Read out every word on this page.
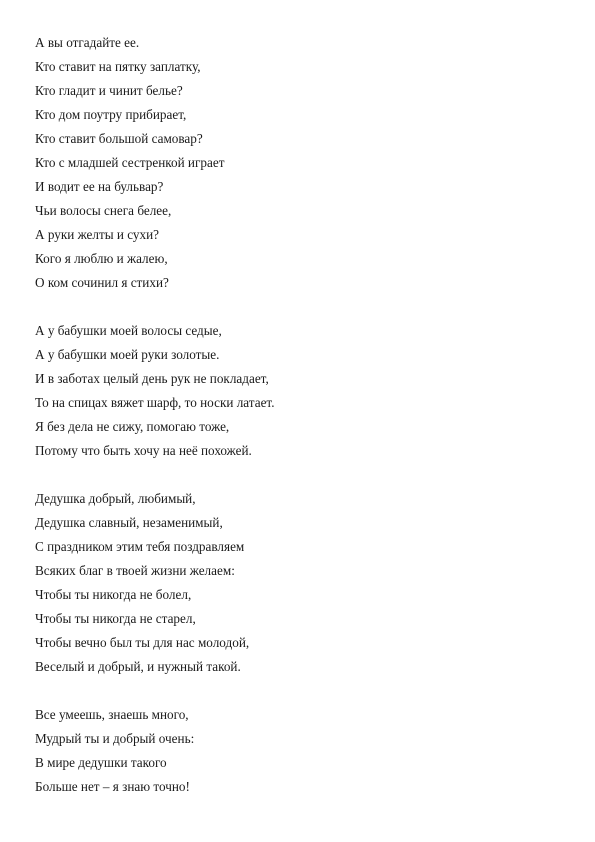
А вы отгадайте ее.
Кто ставит на пятку заплатку,
Кто гладит и чинит белье?
Кто дом поутру прибирает,
Кто ставит большой самовар?
Кто с младшей сестренкой играет
И водит ее на бульвар?
Чьи волосы снега белее,
А руки желты и сухи?
Кого я люблю и жалею,
О ком сочинил я стихи?
А у бабушки моей волосы седые,
А у бабушки моей руки золотые.
И в заботах целый день рук не покладает,
То на спицах вяжет шарф, то носки латает.
Я без дела не сижу, помогаю тоже,
Потому что быть хочу на неё похожей.
Дедушка добрый, любимый,
Дедушка славный, незаменимый,
С праздником этим тебя поздравляем
Всяких благ в твоей жизни желаем:
Чтобы ты никогда не болел,
Чтобы ты никогда не старел,
Чтобы вечно был ты для нас молодой,
Веселый и добрый, и нужный такой.
Все умеешь, знаешь много,
Мудрый ты и добрый очень:
В мире дедушки такого
Больше нет – я знаю точно!
